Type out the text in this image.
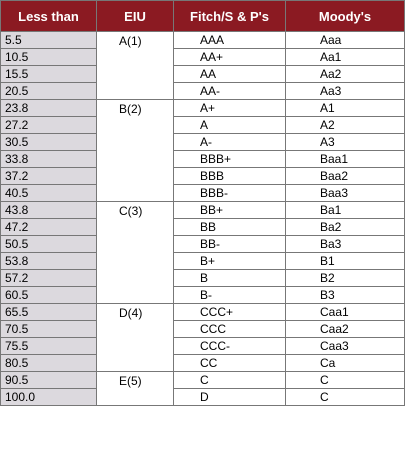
Less than	EIU	Fitch/S & P's	Moody's
5.5	A(1)	AAA	Aaa
10.5		AA+	Aa1
15.5		AA	Aa2
20.5		AA-	Aa3
23.8	B(2)	A+	A1
27.2		A	A2
30.5		A-	A3
33.8		BBB+	Baa1
37.2		BBB	Baa2
40.5		BBB-	Baa3
43.8	C(3)	BB+	Ba1
47.2		BB	Ba2
50.5		BB-	Ba3
53.8		B+	B1
57.2		B	B2
60.5		B-	B3
65.5	D(4)	CCC+	Caa1
70.5		CCC	Caa2
75.5		CCC-	Caa3
80.5		CC	Ca
90.5	E(5)	C	C
100.0		D	C
